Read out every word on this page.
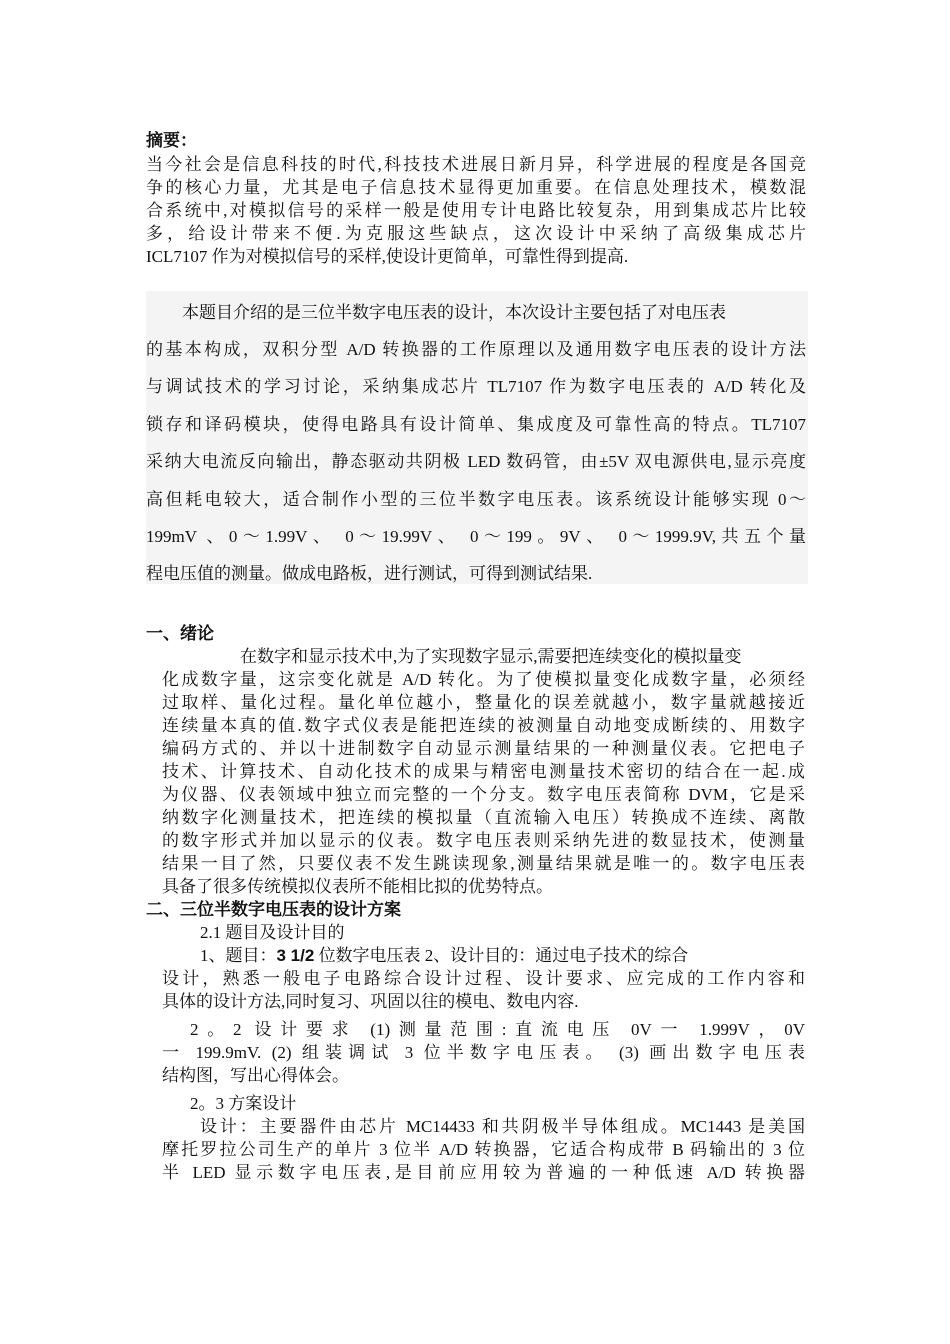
摘要：
当今社会是信息科技的时代,科技技术进展日新月异，科学进展的程度是各国竞
争的核心力量，尤其是电子信息技术显得更加重要。在信息处理技术，模数混
合系统中,对模拟信号的采样一般是使用专计电路比较复杂，用到集成芯片比较
多，给设计带来不便.为克服这些缺点，这次设计中采纳了高级集成芯片
ICL7107 作为对模拟信号的采样,使设计更简单，可靠性得到提高.
本题目介绍的是三位半数字电压表的设计，本次设计主要包括了对电压表
的基本构成，双积分型 A/D 转换器的工作原理以及通用数字电压表的设计方法
与调试技术的学习讨论，采纳集成芯片 TL7107 作为数字电压表的 A/D 转化及
锁存和译码模块，使得电路具有设计简单、集成度及可靠性高的特点。TL7107
采纳大电流反向输出，静态驱动共阴极 LED 数码管，由±5V 双电源供电,显示亮度
高但耗电较大，适合制作小型的三位半数字电压表。该系统设计能够实现 0～
199mV 、0～1.99V、 0～19.99V、 0～199。9V、 0～1999.9V,共五个量
程电压值的测量。做成电路板，进行测试，可得到测试结果.
一、绪论
在数字和显示技术中,为了实现数字显示,需要把连续变化的模拟量变
化成数字量，这宗变化就是 A/D 转化。为了使模拟量变化成数字量，必须经
过取样、量化过程。量化单位越小，整量化的误差就越小，数字量就越接近
连续量本真的值.数字式仪表是能把连续的被测量自动地变成断续的、用数字
编码方式的、并以十进制数字自动显示测量结果的一种测量仪表。它把电子
技术、计算技术、自动化技术的成果与精密电测量技术密切的结合在一起.成
为仪器、仪表领域中独立而完整的一个分支。数字电压表简称 DVM，它是采
纳数字化测量技术，把连续的模拟量（直流输入电压）转换成不连续、离散
的数字形式并加以显示的仪表。数字电压表则采纳先进的数显技术，使测量
结果一目了然，只要仪表不发生跳读现象,测量结果就是唯一的。数字电压表
具备了很多传统模拟仪表所不能相比拟的优势特点。
二、三位半数字电压表的设计方案
2.1 题目及设计目的
1、题目：3 1/2 位数字电压表 2、设计目的：通过电子技术的综合
设计，熟悉一般电子电路综合设计过程、设计要求、应完成的工作内容和
具体的设计方法,同时复习、巩固以往的模电、数电内容.
2。2 设计要求 (1)测量范围:直流电压 0V一 1.999V，0V
一 199.9mV. (2) 组装调试 3 位半数字电压表。 (3) 画出数字电压表
结构图，写出心得体会。
2。3 方案设计
设计：主要器件由芯片 MC14433 和共阴极半导体组成。MC1443 是美国
摩托罗拉公司生产的单片 3 位半 A/D 转换器，它适合构成带 B 码输出的 3 位
半 LED 显示数字电压表,是目前应用较为普遍的一种低速 A/D 转换器
